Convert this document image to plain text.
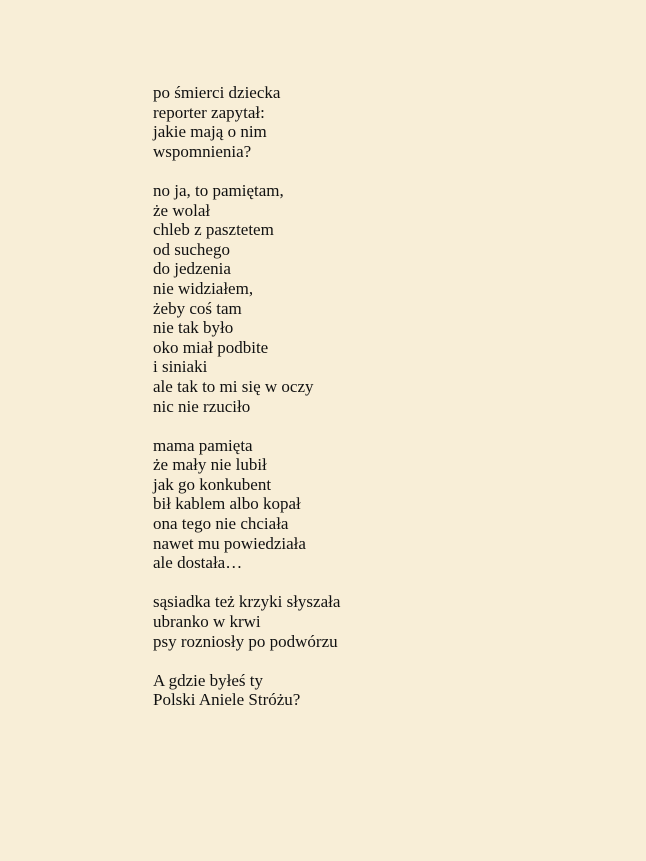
po śmierci dziecka
reporter zapytał:
jakie mają o nim
wspomnienia?
no ja, to pamiętam,
że wolał
chleb z pasztetem
od suchego
do jedzenia
nie widziałem,
żeby coś tam
nie tak było
oko miał podbite
i siniaki
ale tak to mi się w oczy
nic nie rzuciło
mama pamięta
że mały nie lubił
jak go konkubent
bił kablem albo kopał
ona tego nie chciała
nawet mu powiedziała
ale dostała…
sąsiadka też krzyki słyszała
ubranko w krwi
psy rozniosły po podwórzu
A gdzie byłeś ty
Polski Aniele Stróżu?
